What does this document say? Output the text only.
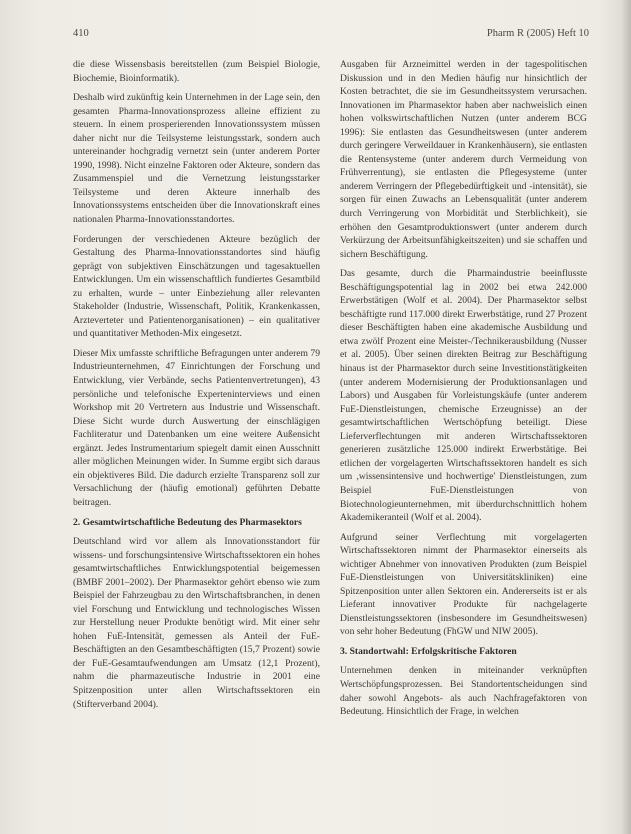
410	Pharm R (2005) Heft 10

die diese Wissensbasis bereitstellen (zum Beispiel Biologie, Biochemie, Bioinformatik).

Deshalb wird zukünftig kein Unternehmen in der Lage sein, den gesamten Pharma-Innovationsprozess alleine effizient zu steuern. In einem prosperierenden Innovationssystem müssen daher nicht nur die Teilsysteme leistungsstark, sondern auch untereinander hochgradig vernetzt sein (unter anderem Porter 1990, 1998). Nicht einzelne Faktoren oder Akteure, sondern das Zusammenspiel und die Vernetzung leistungsstarker Teilsysteme und deren Akteure innerhalb des Innovationssystems entscheiden über die Innovationskraft eines nationalen Pharma-Innovationsstandortes.

Forderungen der verschiedenen Akteure bezüglich der Gestaltung des Pharma-Innovationsstandortes sind häufig geprägt von subjektiven Einschätzungen und tagesaktuellen Entwicklungen. Um ein wissenschaftlich fundiertes Gesamtbild zu erhalten, wurde – unter Einbeziehung aller relevanten Stakeholder (Industrie, Wissenschaft, Politik, Krankenkassen, Arzteverteter und Patientenorganisationen) – ein qualitativer und quantitativer Methoden-Mix eingesetzt.

Dieser Mix umfasste schriftliche Befragungen unter anderem 79 Industrieunternehmen, 47 Einrichtungen der Forschung und Entwicklung, vier Verbände, sechs Patientenvertretungen), 43 persönliche und telefonische Experteninterviews und einen Workshop mit 20 Vertretern aus Industrie und Wissenschaft. Diese Sicht wurde durch Auswertung der einschlägigen Fachliteratur und Datenbanken um eine weitere Außensicht ergänzt. Jedes Instrumentarium spiegelt damit einen Ausschnitt aller möglichen Meinungen wider. In Summe ergibt sich daraus ein objektiveres Bild. Die dadurch erzielte Transparenz soll zur Versachlichung der (häufig emotional) geführten Debatte beitragen.

2. Gesamtwirtschaftliche Bedeutung des Pharmasektors

Deutschland wird vor allem als Innovationsstandort für wissens- und forschungsintensive Wirtschaftssektoren ein hohes gesamtwirtschaftliches Entwicklungspotential beigemessen (BMBF 2001–2002). Der Pharmasektor gehört ebenso wie zum Beispiel der Fahrzeugbau zu den Wirtschaftsbranchen, in denen viel Forschung und Entwicklung und technologisches Wissen zur Herstellung neuer Produkte benötigt wird. Mit einer sehr hohen FuE-Intensität, gemessen als Anteil der FuE-Beschäftigten an den Gesamtbeschäftigten (15,7 Prozent) sowie der FuE-Gesamtaufwendungen am Umsatz (12,1 Prozent), nahm die pharmazeutische Industrie in 2001 eine Spitzenposition unter allen Wirtschaftssektoren ein (Stifterverband 2004).

Ausgaben für Arzneimittel werden in der tagespolitischen Diskussion und in den Medien häufig nur hinsichtlich der Kosten betrachtet, die sie im Gesundheitssystem verursachen. Innovationen im Pharmasektor haben aber nachweislich einen hohen volkswirtschaftlichen Nutzen (unter anderem BCG 1996): Sie entlasten das Gesundheitswesen (unter anderem durch geringere Verweildauer in Krankenhäusern), sie entlasten die Rentensysteme (unter anderem durch Vermeidung von Frühverrentung), sie entlasten die Pflegesysteme (unter anderem Verringern der Pflegebedürftigkeit und -intensität), sie sorgen für einen Zuwachs an Lebensqualität (unter anderem durch Verringerung von Morbidität und Sterblichkeit), sie erhöhen den Gesamtproduktionswert (unter anderem durch Verkürzung der Arbeitsunfähigkeitszeiten) und sie schaffen und sichern Beschäftigung.

Das gesamte, durch die Pharmaindustrie beeinflusste Beschäftigungspotential lag in 2002 bei etwa 242.000 Erwerbstätigen (Wolf et al. 2004). Der Pharmasektor selbst beschäftigte rund 117.000 direkt Erwerbstätige, rund 27 Prozent dieser Beschäftigten haben eine akademische Ausbildung und etwa zwölf Prozent eine Meister-/Technikerausbildung (Nusser et al. 2005). Über seinen direkten Beitrag zur Beschäftigung hinaus ist der Pharmasektor durch seine Investitionstätigkeiten (unter anderem Modernisierung der Produktionsanlagen und Labors) und Ausgaben für Vorleistungskäufe (unter anderem FuE-Dienstleistungen, chemische Erzeugnisse) an der gesamtwirtschaftlichen Wertschöpfung beteiligt. Diese Lieferverflechtungen mit anderen Wirtschaftssektoren generieren zusätzliche 125.000 indirekt Erwerbstätige. Bei etlichen der vorgelagerten Wirtschaftssektoren handelt es sich um ,wissensintensive und hochwertige' Dienstleistungen, zum Beispiel FuE-Dienstleistungen von Biotechnologieunternehmen, mit überdurchschnittlich hohem Akademikeranteil (Wolf et al. 2004).

Aufgrund seiner Verflechtung mit vorgelagerten Wirtschaftssektoren nimmt der Pharmasektor einerseits als wichtiger Abnehmer von innovativen Produkten (zum Beispiel FuE-Dienstleistungen von Universitätskliniken) eine Spitzenposition unter allen Sektoren ein. Andererseits ist er als Lieferant innovativer Produkte für nachgelagerte Dienstleistungssektoren (insbesondere im Gesundheitswesen) von sehr hoher Bedeutung (FhGW und NIW 2005).

3. Standortwahl: Erfolgskritische Faktoren

Unternehmen denken in miteinander verknüpften Wertschöpfungsprozessen. Bei Standortentscheidungen sind daher sowohl Angebots- als auch Nachfragefaktoren von Bedeutung. Hinsichtlich der Frage, in welchen
